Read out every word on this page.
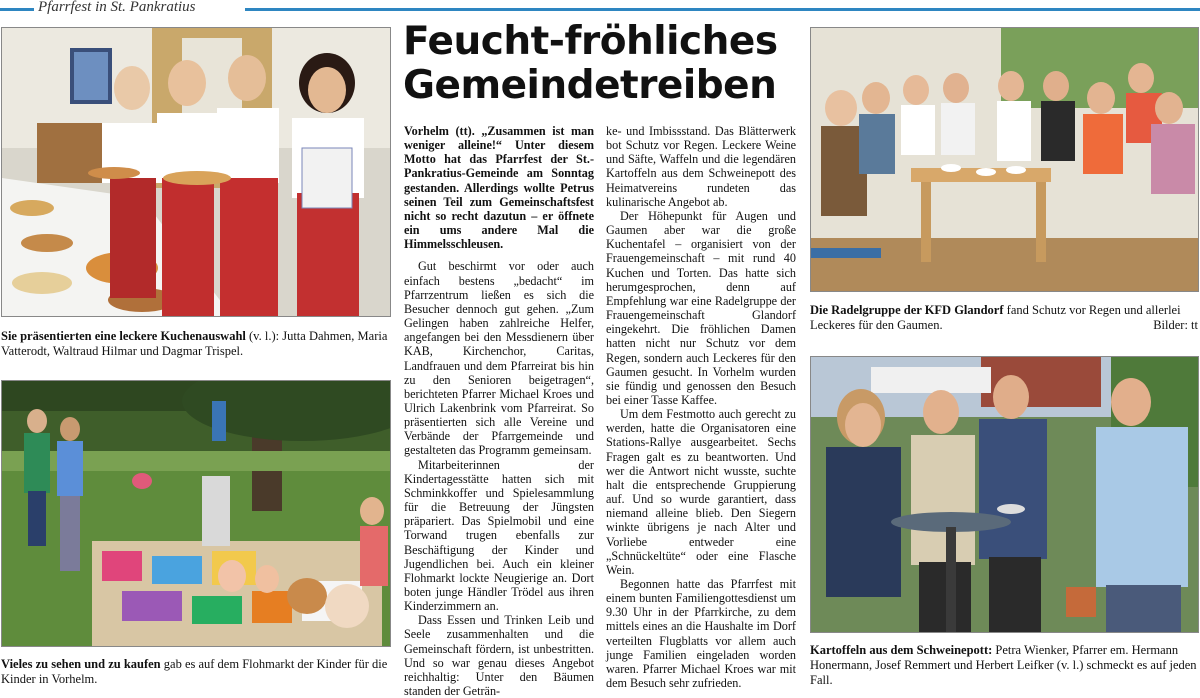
Pfarrfest in St. Pankratius
Sie präsentierten eine leckere Kuchenauswahl (v. l.): Jutta Dahmen, Maria Vatterodt, Waltraud Hilmar und Dagmar Trispel.
Vieles zu sehen und zu kaufen gab es auf dem Flohmarkt der Kinder für die Kinder in Vorhelm.
Feucht-fröhliches
Gemeindetreiben

Vorhelm (tt). „Zusammen ist man weniger alleine!“ Unter diesem Motto hat das Pfarrfest der St.-Pankratius-Gemeinde am Sonntag gestanden. Allerdings wollte Petrus seinen Teil zum Gemeinschaftsfest nicht so recht dazutun – er öffnete ein ums andere Mal die Himmelsschleusen.

Gut beschirmt vor oder auch einfach bestens „bedacht“ im Pfarrzentrum ließen es sich die Besucher dennoch gut gehen. „Zum Gelingen haben zahlreiche Helfer, angefangen bei den Messdienern über KAB, Kirchenchor, Caritas, Landfrauen und dem Pfarreirat bis hin zu den Senioren beigetragen“, berichteten Pfarrer Michael Kroes und Ulrich Lakenbrink vom Pfarreirat. So präsentierten sich alle Vereine und Verbände der Pfarrgemeinde und gestalteten das Programm gemeinsam.

Mitarbeiterinnen der Kindertagesstätte hatten sich mit Schminkkoffer und Spielesammlung für die Betreuung der Jüngsten präpariert. Das Spielmobil und eine Torwand trugen ebenfalls zur Beschäftigung der Kinder und Jugendlichen bei. Auch ein kleiner Flohmarkt lockte Neugierige an. Dort boten junge Händler Trödel aus ihren Kinderzimmern an.

Dass Essen und Trinken Leib und Seele zusammenhalten und die Gemeinschaft fördern, ist unbestritten. Und so war genau dieses Angebot reichhaltig: Unter den Bäumen standen der Geträn-

ke- und Imbissstand. Das Blätterwerk bot Schutz vor Regen. Leckere Weine und Säfte, Waffeln und die legendären Kartoffeln aus dem Schweinepott des Heimatvereins rundeten das kulinarische Angebot ab.

Der Höhepunkt für Augen und Gaumen aber war die große Kuchentafel – organisiert von der Frauengemeinschaft – mit rund 40 Kuchen und Torten. Das hatte sich herumgesprochen, denn auf Empfehlung war eine Radelgruppe der Frauengemeinschaft Glandorf eingekehrt. Die fröhlichen Damen hatten nicht nur Schutz vor dem Regen, sondern auch Leckeres für den Gaumen gesucht. In Vorhelm wurden sie fündig und genossen den Besuch bei einer Tasse Kaffee.

Um dem Festmotto auch gerecht zu werden, hatte die Organisatoren eine Stations-Rallye ausgearbeitet. Sechs Fragen galt es zu beantworten. Und wer die Antwort nicht wusste, suchte halt die entsprechende Gruppierung auf. Und so wurde garantiert, dass niemand alleine blieb. Den Siegern winkte übrigens je nach Alter und Vorliebe entweder eine „Schnückeltüte“ oder eine Flasche Wein.

Begonnen hatte das Pfarrfest mit einem bunten Familiengottesdienst um 9.30 Uhr in der Pfarrkirche, zu dem mittels eines an die Haushalte im Dorf verteilten Flugblatts vor allem auch junge Familien eingeladen worden waren. Pfarrer Michael Kroes war mit dem Besuch sehr zufrieden.

Die Radelgruppe der KFD Glandorf fand Schutz vor Regen und allerlei Leckeres für den Gaumen.	Bilder: tt
Kartoffeln aus dem Schweinepott: Petra Wienker, Pfarrer em. Hermann Honermann, Josef Remmert und Herbert Leifker (v. l.) schmeckt es auf jeden Fall.
